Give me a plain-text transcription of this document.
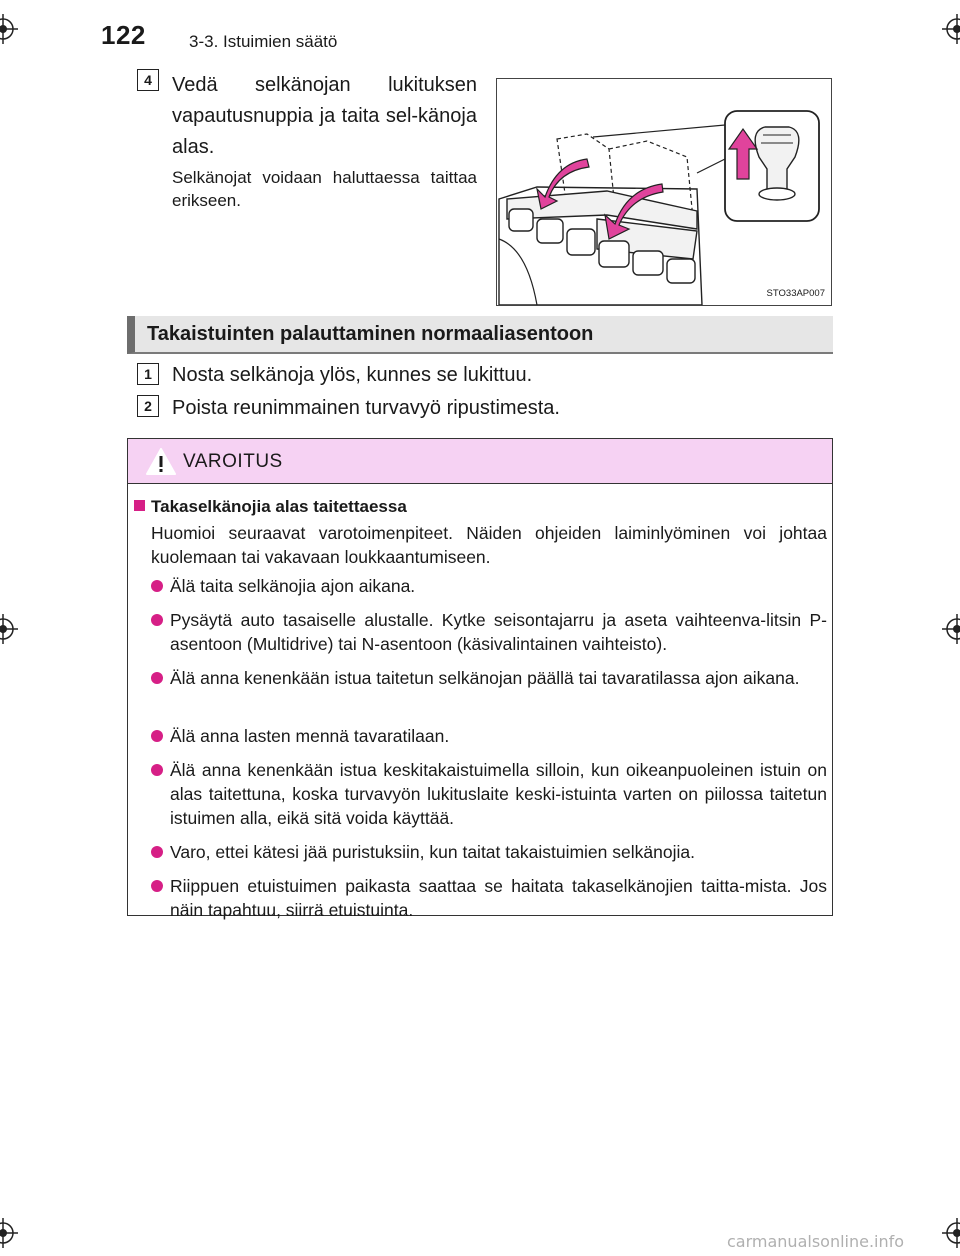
122	3-3. Istuimien säätö
4	Vedä selkänojan lukituksen vapautusnuppia ja taita sel-känoja alas.
Selkänojat voidaan haluttaessa taittaa erikseen.
STO33AP007
Takaistuinten palauttaminen normaaliasentoon
1	Nosta selkänoja ylös, kunnes se lukittuu.
2	Poista reunimmainen turvavyö ripustimesta.
VAROITUS
Takaselkänojia alas taitettaessa
Huomioi seuraavat varotoimenpiteet. Näiden ohjeiden laiminlyöminen voi johtaa kuolemaan tai vakavaan loukkaantumiseen.
Älä taita selkänojia ajon aikana.
Pysäytä auto tasaiselle alustalle. Kytke seisontajarru ja aseta vaihteenva-litsin P-asentoon (Multidrive) tai N-asentoon (käsivalintainen vaihteisto).
Älä anna kenenkään istua taitetun selkänojan päällä tai tavaratilassa ajon aikana.
Älä anna lasten mennä tavaratilaan.
Älä anna kenenkään istua keskitakaistuimella silloin, kun oikeanpuoleinen istuin on alas taitettuna, koska turvavyön lukituslaite keski-istuinta varten on piilossa taitetun istuimen alla, eikä sitä voida käyttää.
Varo, ettei kätesi jää puristuksiin, kun taitat takaistuimien selkänojia.
Riippuen etuistuimen paikasta saattaa se haitata takaselkänojien taitta-mista. Jos näin tapahtuu, siirrä etuistuinta.
carmanualsonline.info
